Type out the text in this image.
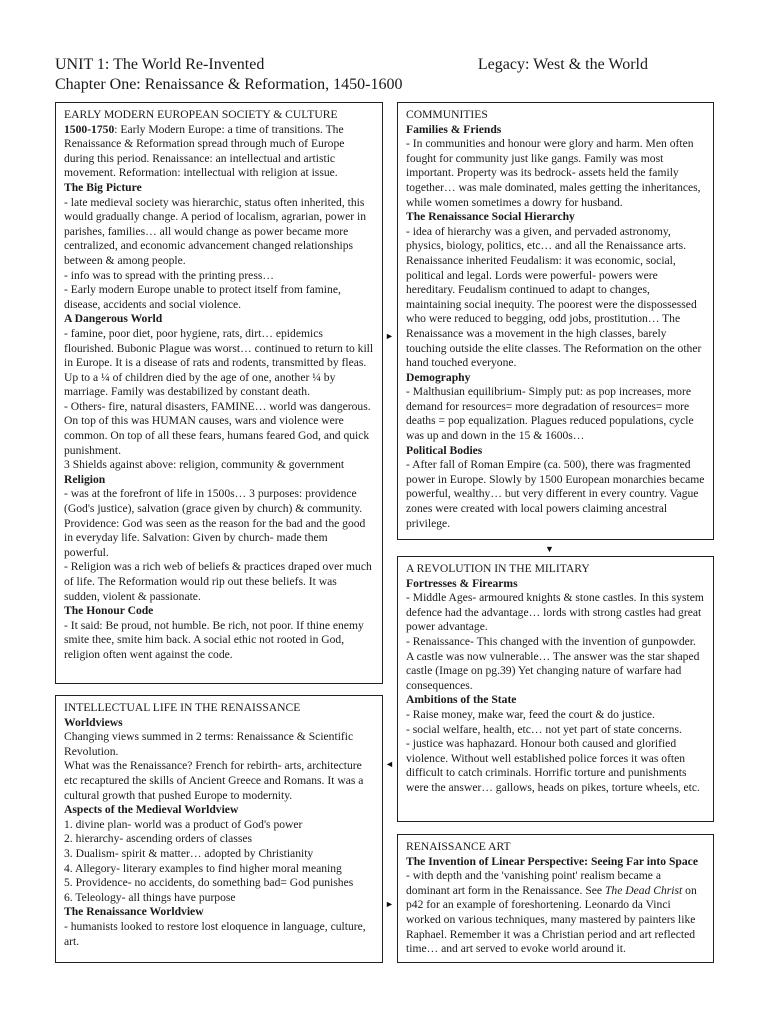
UNIT 1: The World Re-Invented	Legacy: West & the World
Chapter One: Renaissance & Reformation, 1450-1600

EARLY MODERN EUROPEAN SOCIETY & CULTURE

1500-1750: Early Modern Europe: a time of transitions. The Renaissance & Reformation spread through much of Europe during this period. Renaissance: an intellectual and artistic movement. Reformation: intellectual with religion at issue.

The Big Picture

- late medieval society was hierarchic, status often inherited, this would gradually change. A period of localism, agrarian, power in parishes, families… all would change as power became more centralized, and economic advancement changed relationships between & among people.

- info was to spread with the printing press…

- Early modern Europe unable to protect itself from famine, disease, accidents and social violence.

A Dangerous World

- famine, poor diet, poor hygiene, rats, dirt… epidemics flourished. Bubonic Plague was worst… continued to return to kill in Europe. It is a disease of rats and rodents, transmitted by fleas. Up to a ¼ of children died by the age of one, another ¼ by marriage. Family was destabilized by constant death.

- Others- fire, natural disasters, FAMINE… world was dangerous. On top of this was HUMAN causes, wars and violence were common. On top of all these fears, humans feared God, and quick punishment.

3 Shields against above: religion, community & government

Religion

- was at the forefront of life in 1500s… 3 purposes: providence (God's justice), salvation (grace given by church) & community.

Providence: God was seen as the reason for the bad and the good in everyday life. Salvation: Given by church- made them powerful.

- Religion was a rich web of beliefs & practices draped over much of life. The Reformation would rip out these beliefs. It was sudden, violent & passionate.

The Honour Code

- It said: Be proud, not humble. Be rich, not poor. If thine enemy smite thee, smite him back. A social ethic not rooted in God, religion often went against the code.

COMMUNITIES

Families & Friends

- In communities and honour were glory and harm. Men often fought for community just like gangs. Family was most important. Property was its bedrock- assets held the family together… was male dominated, males getting the inheritances, while women sometimes a dowry for husband.

The Renaissance Social Hierarchy

- idea of hierarchy was a given, and pervaded astronomy, physics, biology, politics, etc… and all the Renaissance arts. Renaissance inherited Feudalism: it was economic, social, political and legal. Lords were powerful- powers were hereditary. Feudalism continued to adapt to changes, maintaining social inequity. The poorest were the dispossessed who were reduced to begging, odd jobs, prostitution… The Renaissance was a movement in the high classes, barely touching outside the elite classes. The Reformation on the other hand touched everyone.

Demography

- Malthusian equilibrium- Simply put: as pop increases, more demand for resources= more degradation of resources= more deaths = pop equalization. Plagues reduced populations, cycle was up and down in the 15 & 1600s…

Political Bodies

- After fall of Roman Empire (ca. 500), there was fragmented power in Europe. Slowly by 1500 European monarchies became powerful, wealthy… but very different in every country. Vague zones were created with local powers claiming ancestral privilege.

INTELLECTUAL LIFE IN THE RENAISSANCE

Worldviews

Changing views summed in 2 terms: Renaissance & Scientific Revolution.

What was the Renaissance? French for rebirth- arts, architecture etc recaptured the skills of Ancient Greece and Romans. It was a cultural growth that pushed Europe to modernity.

Aspects of the Medieval Worldview

1. divine plan- world was a product of God's power

2. hierarchy- ascending orders of classes

3. Dualism- spirit & matter… adopted by Christianity

4. Allegory- literary examples to find higher moral meaning

5. Providence- no accidents, do something bad= God punishes

6. Teleology- all things have purpose

The Renaissance Worldview

- humanists looked to restore lost eloquence in language, culture, art.

A REVOLUTION IN THE MILITARY

Fortresses & Firearms

- Middle Ages- armoured knights & stone castles. In this system defence had the advantage… lords with strong castles had great power advantage.

- Renaissance- This changed with the invention of gunpowder. A castle was now vulnerable… The answer was the star shaped castle (Image on pg.39) Yet changing nature of warfare had consequences.

Ambitions of the State

- Raise money, make war, feed the court & do justice.

- social welfare, health, etc… not yet part of state concerns.

- justice was haphazard. Honour both caused and glorified violence. Without well established police forces it was often difficult to catch criminals. Horrific torture and punishments were the answer… gallows, heads on pikes, torture wheels, etc.

RENAISSANCE ART

The Invention of Linear Perspective: Seeing Far into Space

- with depth and the 'vanishing point' realism became a dominant art form in the Renaissance. See The Dead Christ on p42 for an example of foreshortening. Leonardo da Vinci worked on various techniques, many mastered by painters like Raphael. Remember it was a Christian period and art reflected time… and art served to evoke world around it.

►
▼
◄
►
